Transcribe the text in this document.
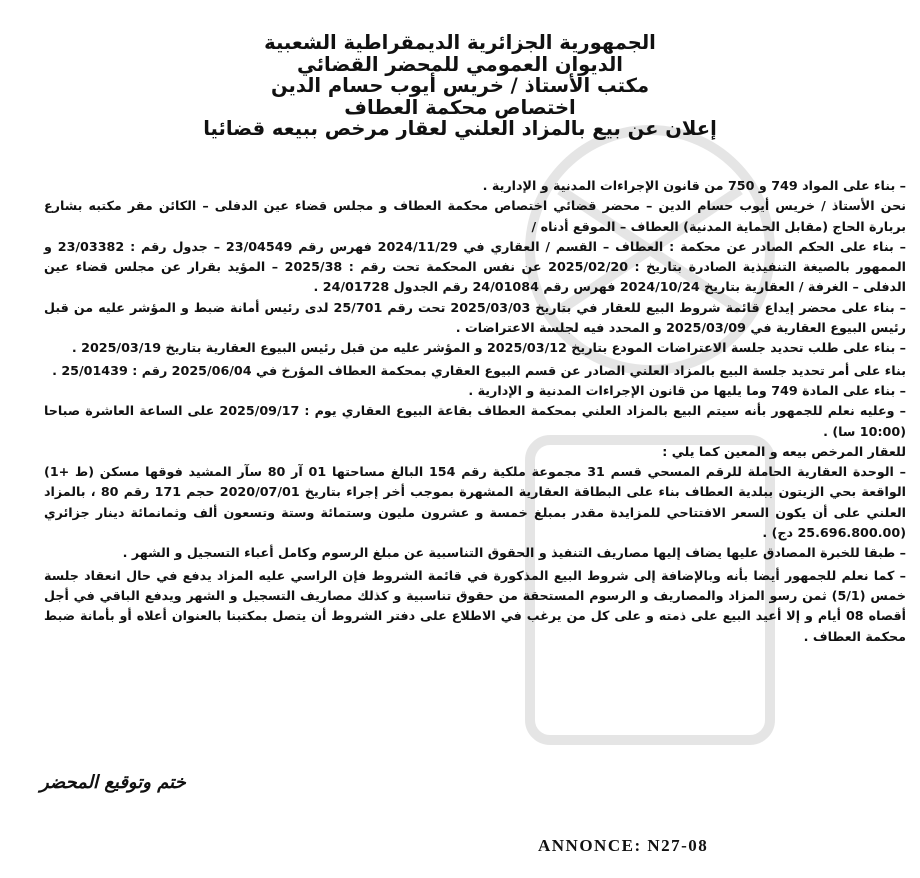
الجمهورية الجزائرية الديمقراطية الشعبية

الديوان العمومي للمحضر القضائي

مكتب الأستاذ / خريس أيوب حسام الدين

اختصاص محكمة العطاف

إعلان عن بيع بالمزاد العلني لعقار مرخص ببيعه قضائيا

– بناء على المواد 749 و 750 من قانون الإجراءات المدنية و الإدارية .

نحن الأستاذ / خريس أيوب حسام الدين – محضر قضائي اختصاص محكمة العطاف و مجلس قضاء عين الدفلى – الكائن مقر مكتبه بشارع بربارة الحاج (مقابل الحماية المدنية) العطاف – الموقع أدناه /

– بناء على الحكم الصادر عن محكمة : العطاف – القسم / العقاري في 2024/11/29 فهرس رقم 23/04549 – جدول رقم : 23/03382 و الممهور بالصيغة التنفيذية الصادرة بتاريخ : 2025/02/20 عن نفس المحكمة تحت رقم : 2025/38 – المؤيد بقرار عن مجلس قضاء عين الدفلى – الغرفة / العقارية بتاريخ 2024/10/24 فهرس رقم 24/01084 رقم الجدول 24/01728 .

– بناء على محضر إيداع قائمة شروط البيع للعقار في بتاريخ 2025/03/03 تحت رقم 25/701 لدى رئيس أمانة ضبط و المؤشر عليه من قبل رئيس البيوع العقارية في 2025/03/09 و المحدد فيه لجلسة الاعتراضات .

– بناء على طلب تحديد جلسة الاعتراضات المودع بتاريخ 2025/03/12 و المؤشر عليه من قبل رئيس البيوع العقارية بتاريخ 2025/03/19 .

بناء على أمر تحديد جلسة البيع بالمزاد العلني الصادر عن قسم البيوع العقاري بمحكمة العطاف المؤرخ في 2025/06/04 رقم : 25/01439 .

– بناء على المادة 749 وما يليها من قانون الإجراءات المدنية و الإدارية .

– وعليه نعلم للجمهور بأنه سيتم البيع بالمزاد العلني بمحكمة العطاف بقاعة البيوع العقاري يوم : 2025/09/17 على الساعة العاشرة صباحا (10:00 سا) .

للعقار المرخص بيعه و المعين كما يلي :

– الوحدة العقارية الحاملة للرقم المسحي قسم 31 مجموعة ملكية رقم 154 البالغ مساحتها 01 آر 80 سآر المشيد فوقها مسكن (ط +1) الواقعة بحي الزيتون ببلدية العطاف بناء على البطاقة العقارية المشهرة بموجب أخر إجراء بتاريخ 2020/07/01 حجم 171 رقم 80 ، بالمزاد العلني على أن يكون السعر الافتتاحي للمزايدة مقدر بمبلغ خمسة و عشرون مليون وستمائة وستة وتسعون ألف وثمانمائة دينار جزائري (25.696.800.00 دج) .

– طبقا للخبرة المصادق عليها يضاف إليها مصاريف التنفيذ و الحقوق التناسبية عن مبلغ الرسوم وكامل أعباء التسجيل و الشهر .

– كما نعلم للجمهور أيضا بأنه وبالإضافة إلى شروط البيع المذكورة في قائمة الشروط فإن الراسي عليه المزاد يدفع في حال انعقاد جلسة خمس (5/1) ثمن رسو المزاد والمصاريف و الرسوم المستحقة من حقوق تناسبية و كذلك مصاريف التسجيل و الشهر ويدفع الباقي في أجل أقصاه 08 أيام و إلا أعيد البيع على ذمته و على كل من يرغب في الاطلاع على دفتر الشروط أن يتصل بمكتبنا بالعنوان أعلاه أو بأمانة ضبط محكمة العطاف .

ختم وتوقيع المحضر
ANNONCE: N27-08
